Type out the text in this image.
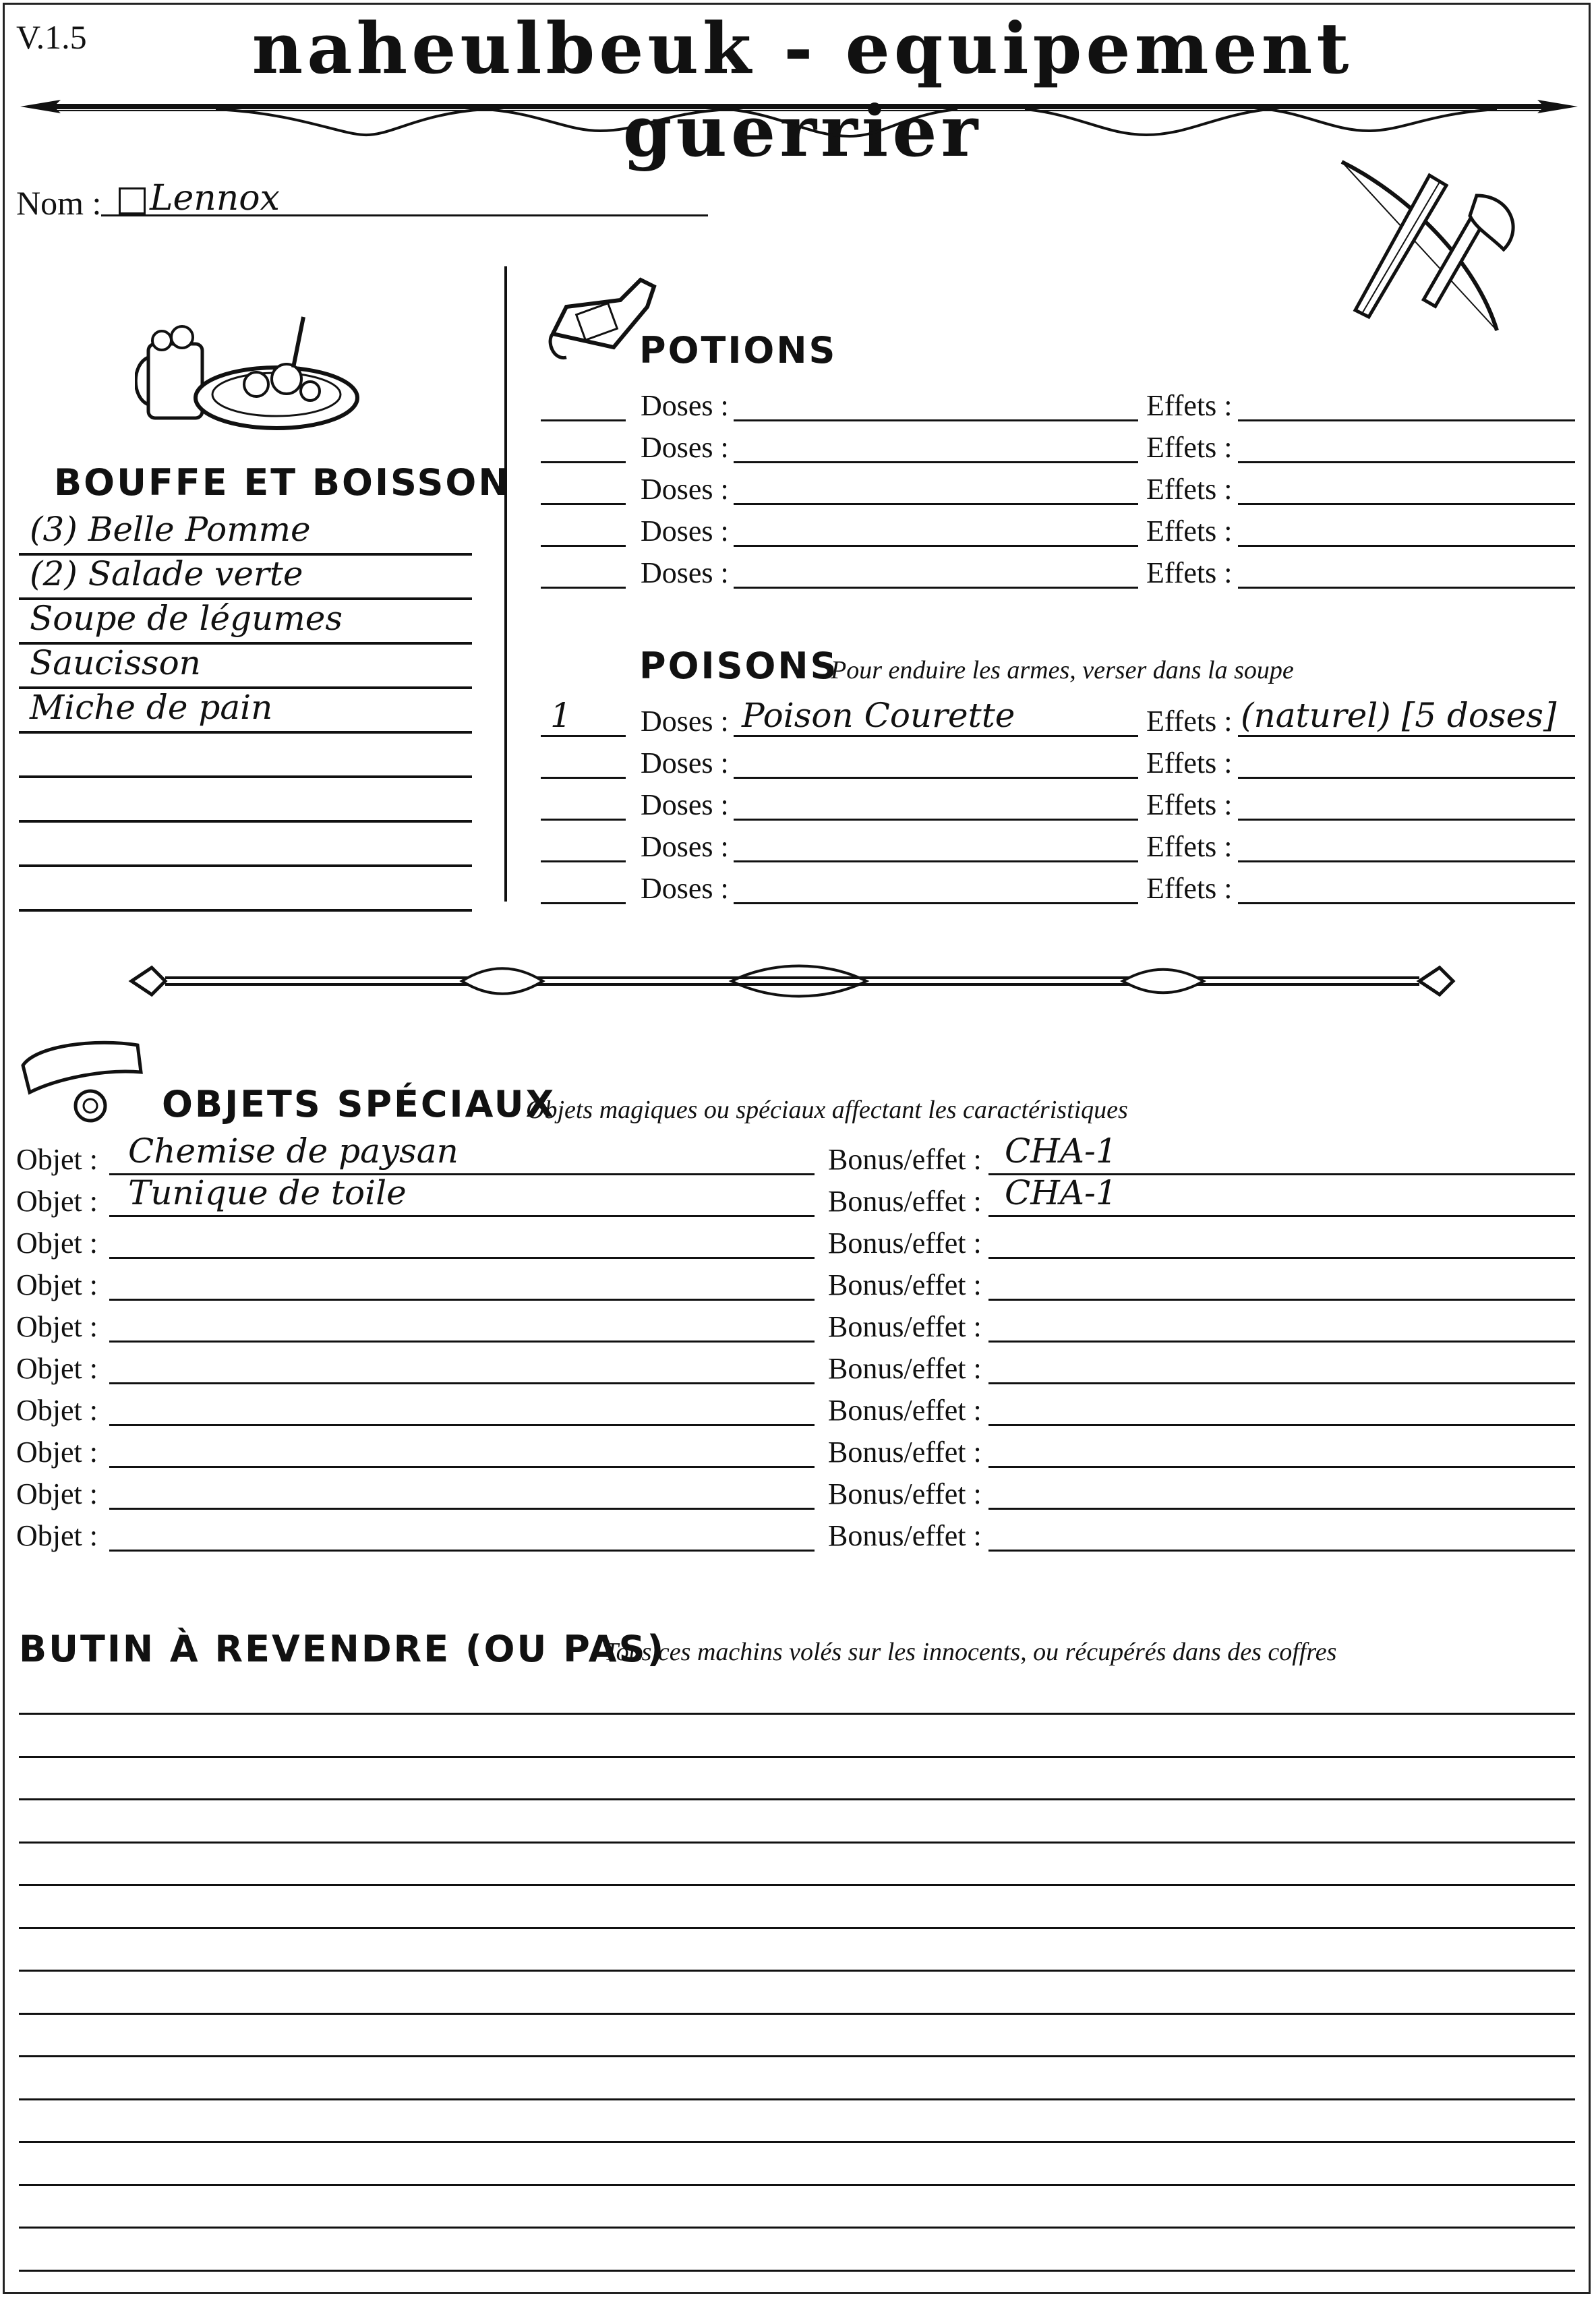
V.1.5	naheulbeuk - equipement guerrier
Nom : Lennox
BOUFFE ET BOISSON
(3) Belle Pomme
(2) Salade verte
Soupe de légumes
Saucisson
Miche de pain
POTIONS
Doses :	Effets :
Doses :	Effets :
Doses :	Effets :
Doses :	Effets :
Doses :	Effets :
POISONS
Pour enduire les armes, verser dans la soupe
1 Doses : Poison Courette	Effets : (naturel) [5 doses]
Doses :	Effets :
Doses :	Effets :
Doses :	Effets :
Doses :	Effets :
OBJETS SPÉCIAUX
Objets magiques ou spéciaux affectant les caractéristiques
Objet : Chemise de paysan	Bonus/effet : CHA-1
Objet : Tunique de toile	Bonus/effet : CHA-1
Objet :	Bonus/effet :
Objet :	Bonus/effet :
Objet :	Bonus/effet :
Objet :	Bonus/effet :
Objet :	Bonus/effet :
Objet :	Bonus/effet :
Objet :	Bonus/effet :
Objet :	Bonus/effet :
BUTIN À REVENDRE (OU PAS)
Tous ces machins volés sur les innocents, ou récupérés dans des coffres
